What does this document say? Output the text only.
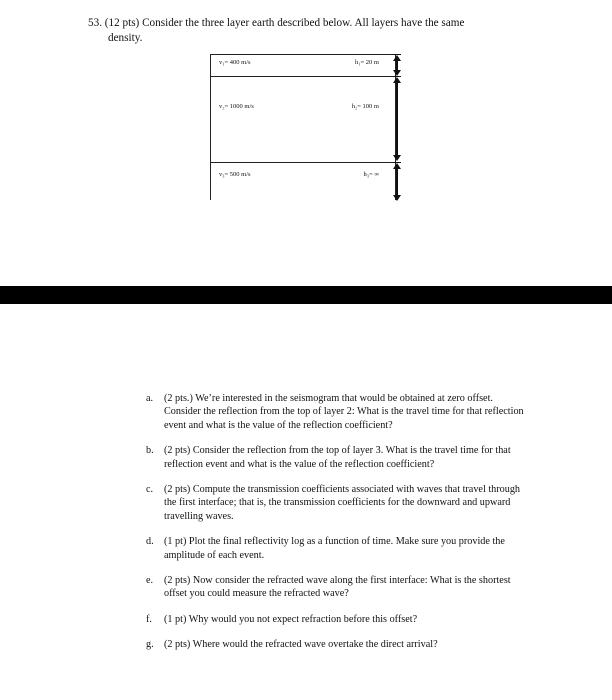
53. (12 pts) Consider the three layer earth described below. All layers have the same
density.
v₁= 400 m/s	h₁= 20 m
v₂= 1000 m/s	h₂= 100 m
v₃= 500 m/s	h₃= ∞
a.	(2 pts.) We’re interested in the seismogram that would be obtained at zero offset. Consider the reflection from the top of layer 2: What is the travel time for that reflection event and what is the value of the reflection coefficient?
b.	(2 pts) Consider the reflection from the top of layer 3. What is the travel time for that reflection event and what is the value of the reflection coefficient?
c.	(2 pts) Compute the transmission coefficients associated with waves that travel through the first interface; that is, the transmission coefficients for the downward and upward travelling waves.
d.	(1 pt) Plot the final reflectivity log as a function of time. Make sure you provide the amplitude of each event.
e.	(2 pts) Now consider the refracted wave along the first interface: What is the shortest offset you could measure the refracted wave?
f.	(1 pt) Why would you not expect refraction before this offset?
g.	(2 pts) Where would the refracted wave overtake the direct arrival?
